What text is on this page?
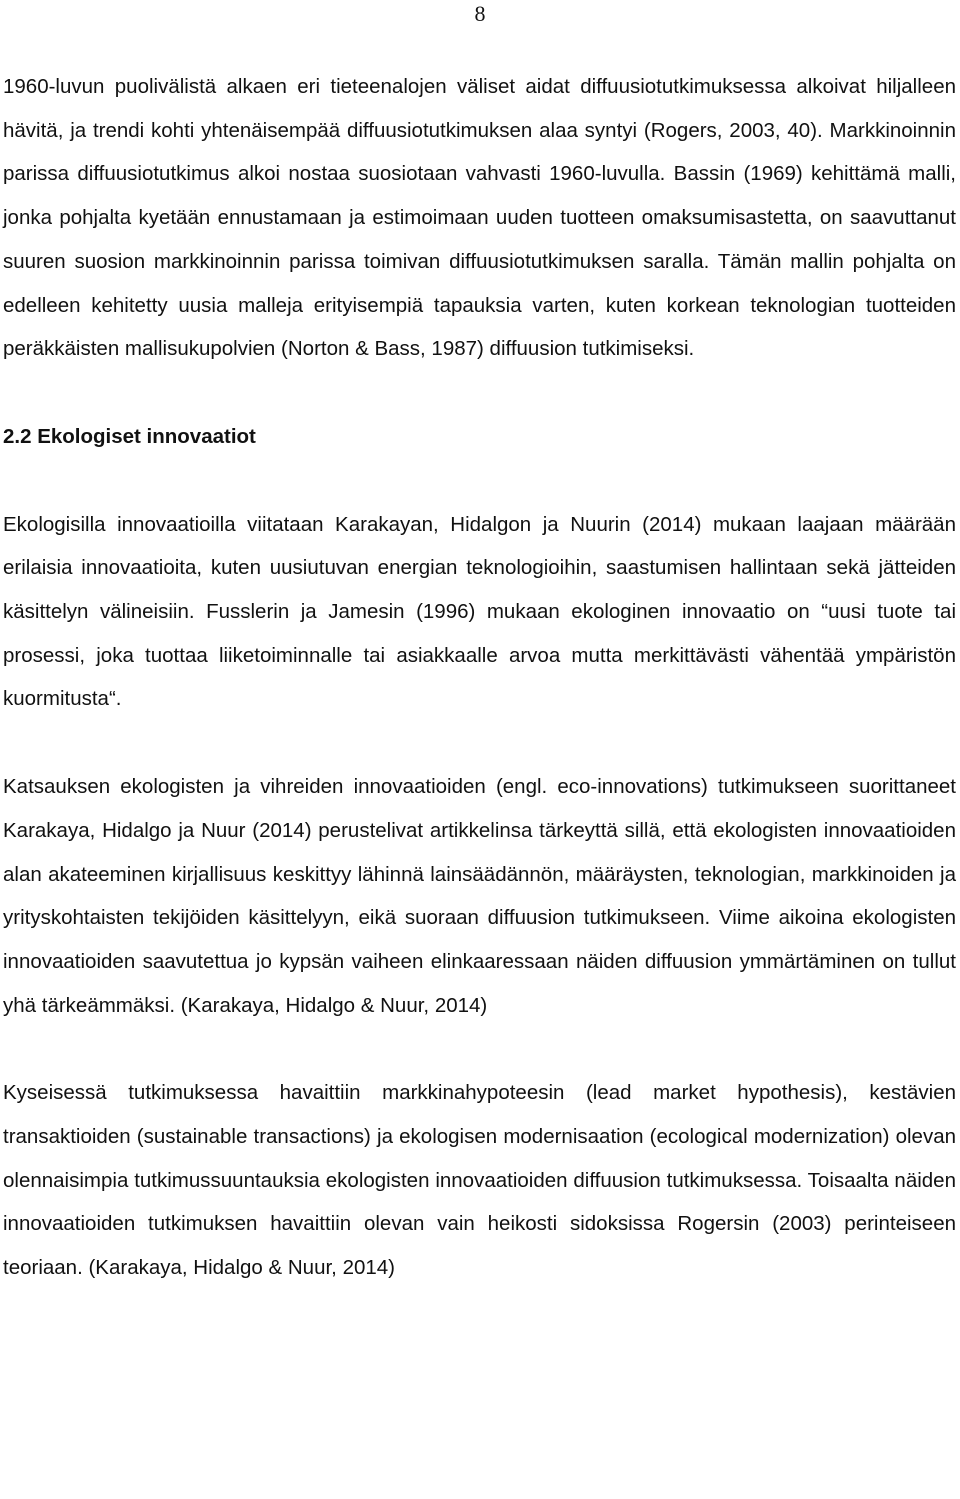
8

1960-luvun puolivälistä alkaen eri tieteenalojen väliset aidat diffuusiotutkimuksessa alkoivat hiljalleen hävitä, ja trendi kohti yhtenäisempää diffuusiotutkimuksen alaa syntyi (Rogers, 2003, 40). Markkinoinnin parissa diffuusiotutkimus alkoi nostaa suosiotaan vahvasti 1960-luvulla. Bassin (1969) kehittämä malli, jonka pohjalta kyetään ennustamaan ja estimoimaan uuden tuotteen omaksumisastetta, on saavuttanut suuren suosion markkinoinnin parissa toimivan diffuusiotutkimuksen saralla. Tämän mallin pohjalta on edelleen kehitetty uusia malleja erityisempiä tapauksia varten, kuten korkean teknologian tuotteiden peräkkäisten mallisukupolvien (Norton & Bass, 1987) diffuusion tutkimiseksi.

2.2 Ekologiset innovaatiot

Ekologisilla innovaatioilla viitataan Karakayan, Hidalgon ja Nuurin (2014) mukaan laajaan määrään erilaisia innovaatioita, kuten uusiutuvan energian teknologioihin, saastumisen hallintaan sekä jätteiden käsittelyn välineisiin. Fusslerin ja Jamesin (1996) mukaan ekologinen innovaatio on “uusi tuote tai prosessi, joka tuottaa liiketoiminnalle tai asiakkaalle arvoa mutta merkittävästi vähentää ympäristön kuormitusta“.

Katsauksen ekologisten ja vihreiden innovaatioiden (engl. eco-innovations) tutkimukseen suorittaneet Karakaya, Hidalgo ja Nuur (2014) perustelivat artikkelinsa tärkeyttä sillä, että ekologisten innovaatioiden alan akateeminen kirjallisuus keskittyy lähinnä lainsäädännön, määräysten, teknologian, markkinoiden ja yrityskohtaisten tekijöiden käsittelyyn, eikä suoraan diffuusion tutkimukseen. Viime aikoina ekologisten innovaatioiden saavutettua jo kypsän vaiheen elinkaaressaan näiden diffuusion ymmärtäminen on tullut yhä tärkeämmäksi. (Karakaya, Hidalgo & Nuur, 2014)

Kyseisessä tutkimuksessa havaittiin markkinahypoteesin (lead market hypothesis), kestävien transaktioiden (sustainable transactions) ja ekologisen modernisaation (ecological modernization) olevan olennaisimpia tutkimussuuntauksia ekologisten innovaatioiden diffuusion tutkimuksessa. Toisaalta näiden innovaatioiden tutkimuksen havaittiin olevan vain heikosti sidoksissa Rogersin (2003) perinteiseen teoriaan. (Karakaya, Hidalgo & Nuur, 2014)
